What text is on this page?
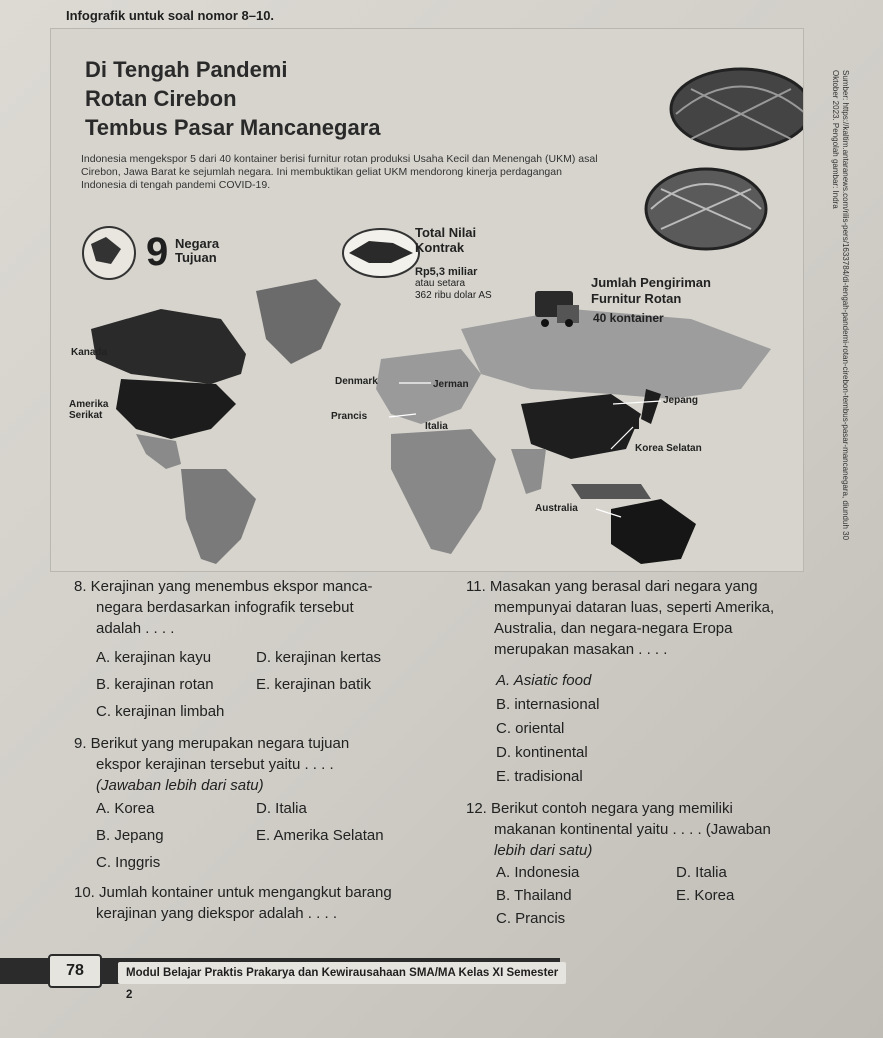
Infografik untuk soal nomor 8–10.
Di Tengah Pandemi
Rotan Cirebon
Tembus Pasar Mancanegara
Indonesia mengekspor 5 dari 40 kontainer berisi furnitur rotan produksi Usaha Kecil dan Menengah (UKM) asal Cirebon, Jawa Barat ke sejumlah negara. Ini membuktikan geliat UKM mendorong kinerja perdagangan Indonesia di tengah pandemi COVID-19.
9 Negara
Tujuan
Total Nilai
Kontrak
Rp5,3 miliar
atau setara
362 ribu dolar AS
Jumlah Pengiriman
Furnitur Rotan
40 kontainer
Kanada
Amerika Serikat
Denmark	Jerman
Prancis
Italia
Jepang
Korea Selatan
Australia	Sumber: https://kaltim.antaranews.com/rilis-pers/1633784/di-tengah-pandemi-rotan-cirebon-tembus-pasar-mancanegara, diunduh 30 Oktober 2023. Pengolah gambar: Indra
8. Kerajinan yang menembus ekspor manca-
negara berdasarkan infografik tersebut
adalah . . . .
A. kerajinan kayu	D. kerajinan kertas
B. kerajinan rotan	E. kerajinan batik
C. kerajinan limbah
9. Berikut yang merupakan negara tujuan
ekspor kerajinan tersebut yaitu . . . .
(Jawaban lebih dari satu)
A. Korea	D. Italia
B. Jepang	E. Amerika Selatan
C. Inggris
10. Jumlah kontainer untuk mengangkut barang
kerajinan yang diekspor adalah . . . .
11. Masakan yang berasal dari negara yang
mempunyai dataran luas, seperti Amerika,
Australia, dan negara-negara Eropa
merupakan masakan . . . .
A. Asiatic food
B. internasional
C. oriental
D. kontinental
E. tradisional
12. Berikut contoh negara yang memiliki
makanan kontinental yaitu . . . . (Jawaban
lebih dari satu)
A. Indonesia	D. Italia
B. Thailand	E. Korea
C. Prancis
78	Modul Belajar Praktis Prakarya dan Kewirausahaan SMA/MA Kelas XI Semester 2
